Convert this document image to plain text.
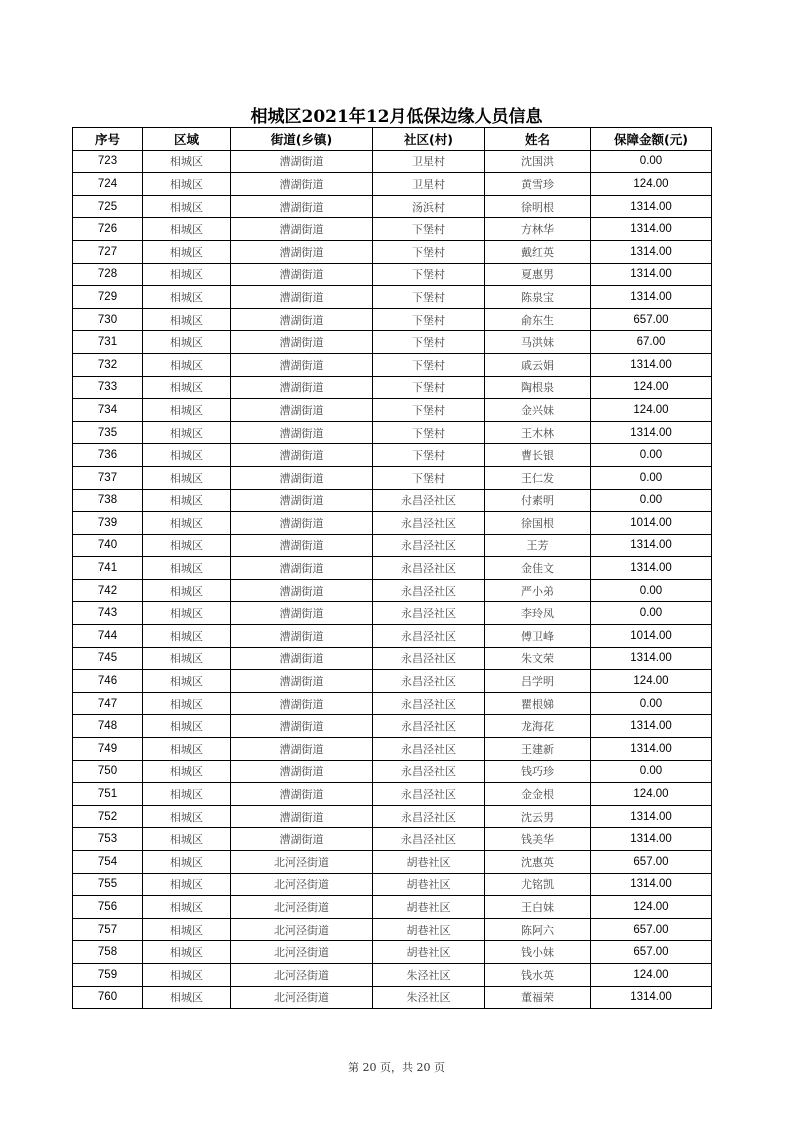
相城区2021年12月低保边缘人员信息
序号	区域	街道(乡镇)	社区(村)	姓名	保障金额(元)
723	相城区	漕湖街道	卫星村	沈国洪	0.00
724	相城区	漕湖街道	卫星村	黄雪珍	124.00
725	相城区	漕湖街道	汤浜村	徐明根	1314.00
726	相城区	漕湖街道	下堡村	方林华	1314.00
727	相城区	漕湖街道	下堡村	戴红英	1314.00
728	相城区	漕湖街道	下堡村	夏惠男	1314.00
729	相城区	漕湖街道	下堡村	陈泉宝	1314.00
730	相城区	漕湖街道	下堡村	俞东生	657.00
731	相城区	漕湖街道	下堡村	马洪妹	67.00
732	相城区	漕湖街道	下堡村	戚云娟	1314.00
733	相城区	漕湖街道	下堡村	陶根泉	124.00
734	相城区	漕湖街道	下堡村	金兴妹	124.00
735	相城区	漕湖街道	下堡村	王木林	1314.00
736	相城区	漕湖街道	下堡村	曹长银	0.00
737	相城区	漕湖街道	下堡村	王仁发	0.00
738	相城区	漕湖街道	永昌泾社区	付素明	0.00
739	相城区	漕湖街道	永昌泾社区	徐国根	1014.00
740	相城区	漕湖街道	永昌泾社区	王芳	1314.00
741	相城区	漕湖街道	永昌泾社区	金佳文	1314.00
742	相城区	漕湖街道	永昌泾社区	严小弟	0.00
743	相城区	漕湖街道	永昌泾社区	李玲凤	0.00
744	相城区	漕湖街道	永昌泾社区	傅卫峰	1014.00
745	相城区	漕湖街道	永昌泾社区	朱文荣	1314.00
746	相城区	漕湖街道	永昌泾社区	吕学明	124.00
747	相城区	漕湖街道	永昌泾社区	瞿根娣	0.00
748	相城区	漕湖街道	永昌泾社区	龙海花	1314.00
749	相城区	漕湖街道	永昌泾社区	王建新	1314.00
750	相城区	漕湖街道	永昌泾社区	钱巧珍	0.00
751	相城区	漕湖街道	永昌泾社区	金金根	124.00
752	相城区	漕湖街道	永昌泾社区	沈云男	1314.00
753	相城区	漕湖街道	永昌泾社区	钱美华	1314.00
754	相城区	北河泾街道	胡巷社区	沈惠英	657.00
755	相城区	北河泾街道	胡巷社区	尤铭凯	1314.00
756	相城区	北河泾街道	胡巷社区	王白妹	124.00
757	相城区	北河泾街道	胡巷社区	陈阿六	657.00
758	相城区	北河泾街道	胡巷社区	钱小妹	657.00
759	相城区	北河泾街道	朱泾社区	钱水英	124.00
760	相城区	北河泾街道	朱泾社区	董福荣	1314.00
第 20 页，共 20 页
